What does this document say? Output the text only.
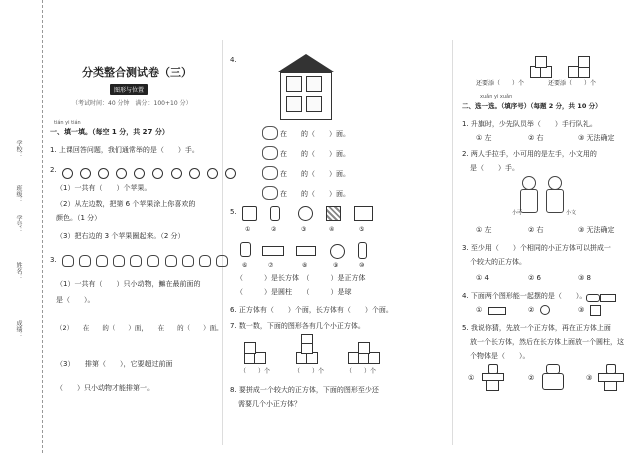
学校：
班级：
学号：
姓名：
成绩：
分类整合测试卷（三）
图形与位置
（考试时间：40 分钟　满分：100+10 分）
tián yi tián
一、填一填。（每空 1 分，共 27 分）
1. 上课回答问题，我们通常举的是（　　）手。
2.

（1）一共有（　　）个苹果。
（2）从左边数，把第 6 个苹果涂上你喜欢的
颜色。（1 分）
（3）把右边的 3 个苹果圈起来。（2 分）
3.

（1）一共有（　　）只小动物，䲈在最前面的
是（　　）。
（2）　　在　　的（　　）面，　　在　　的（　　）面。
（3）　　排第（　　），它要超过前面
（　　）只小动物才能排第一。
4.
在　　的（　　）面。
在　　的（　　）面。
在　　的（　　）面。
在　　的（　　）面。
5.
①	②	③	④	⑤
⑥	⑦	⑧	⑨	⑩
（　　　）是长方体　（　　　）是正方体
（　　　）是圆柱　　（　　　）是球
6. 正方体有（　　）个面，长方体有（　　）个面。
7. 数一数，下面的图形各有几个小正方体。
（　　）个	（　　）个	（　　）个
8. 要拼成一个较大的正方体，下面的图形至少还
需要几个小正方体？
还要添（　　）个	还要添（　　）个
xuǎn yi xuǎn
二、选一选。（填序号）（每题 2 分，共 10 分）
1. 升旗时，少先队员举（　　）手行队礼。
① 左	② 右	③ 无法确定
2. 两人手拉手，小可用的是左手，小文用的
是（　　）手。
小可	小文
① 左	② 右	③ 无法确定
3. 至少用（　　）个相同的小正方体可以拼成一
个较大的正方体。
① 4	② 6	③ 8
4. 下面两个图形能一起摆的是（　　）。
①	②	③
5. 我说你猜，先放一个正方体，再在正方体上面
放一个长方体，然后在长方体上面放一个圆柱，这
个物体是（　　）。
①	②	③
